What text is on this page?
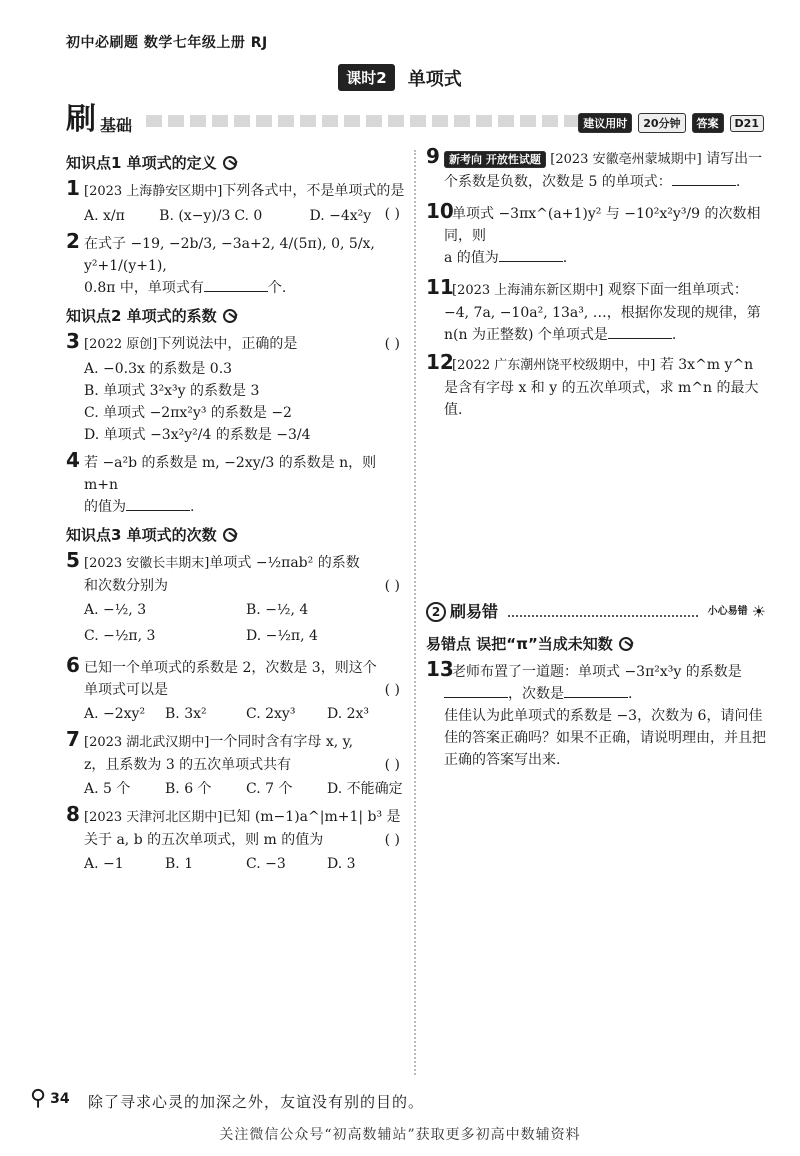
初中必刷题 数学七年级上册 RJ
课时2 单项式
刷 基础	建议用时	20分钟	答案	D21
知识点1 单项式的定义
1 [2023 上海静安区期中]下列各式中，不是单项式的是
( )
A. x/π	B. (x−y)/3 C. 0	D. −4x²y
2 在式子 −19, −2b/3, −3a+2, 4/(5π), 0, 5/x, y²+1/(y+1),
0.8π 中，单项式有	个.
知识点2 单项式的系数
3 [2022 原创]下列说法中，正确的是	( )
A. −0.3x 的系数是 0.3
B. 单项式 3²x³y 的系数是 3
C. 单项式 −2πx²y³ 的系数是 −2
D. 单项式 −3x²y²/4 的系数是 −3/4
4 若 −a²b 的系数是 m, −2xy/3 的系数是 n，则 m+n
的值为	.
知识点3 单项式的次数
5 [2023 安徽长丰期末]单项式 −½πab² 的系数
和次数分别为	( )
A. −½, 3	B. −½, 4
C. −½π, 3	D. −½π, 4
6 已知一个单项式的系数是 2，次数是 3，则这个
单项式可以是	( )
A. −2xy²	B. 3x²	C. 2xy³	D. 2x³
7 [2023 湖北武汉期中]一个同时含有字母 x, y,
z，且系数为 3 的五次单项式共有	( )
A. 5 个	B. 6 个	C. 7 个	D. 不能确定
8 [2023 天津河北区期中]已知 (m−1)a^|m+1| b³ 是
关于 a, b 的五次单项式，则 m 的值为	( )
A. −1	B. 1	C. −3	D. 3
9 新考向 开放性试题 [2023 安徽亳州蒙城期中] 请写出一个系数是负数，次数是 5 的单项式：	.
10
单项式 −3πx^(a+1)y² 与 −10²x²y³/9 的次数相同，则
a 的值为	.
11
[2023 上海浦东新区期中] 观察下面一组单项式：−4, 7a, −10a², 13a³, …，根据你发现的规律，第 n(n 为正整数) 个单项式是	.
12
[2022 广东潮州饶平校级期中，中] 若 3x^m y^n 是含有字母 x 和 y 的五次单项式，求 m^n 的最大值.
2 刷易错	小心易错 ☀
易错点 误把“π”当成未知数
13
老师布置了一道题：单项式 −3π²x³y 的系数是
，次数是	.
佳佳认为此单项式的系数是 −3，次数为 6，请问佳佳的答案正确吗？如果不正确，请说明理由，并且把正确的答案写出来.
⚲ 34 除了寻求心灵的加深之外，友谊没有别的目的。
关注微信公众号“初高数辅站”获取更多初高中数辅资料
